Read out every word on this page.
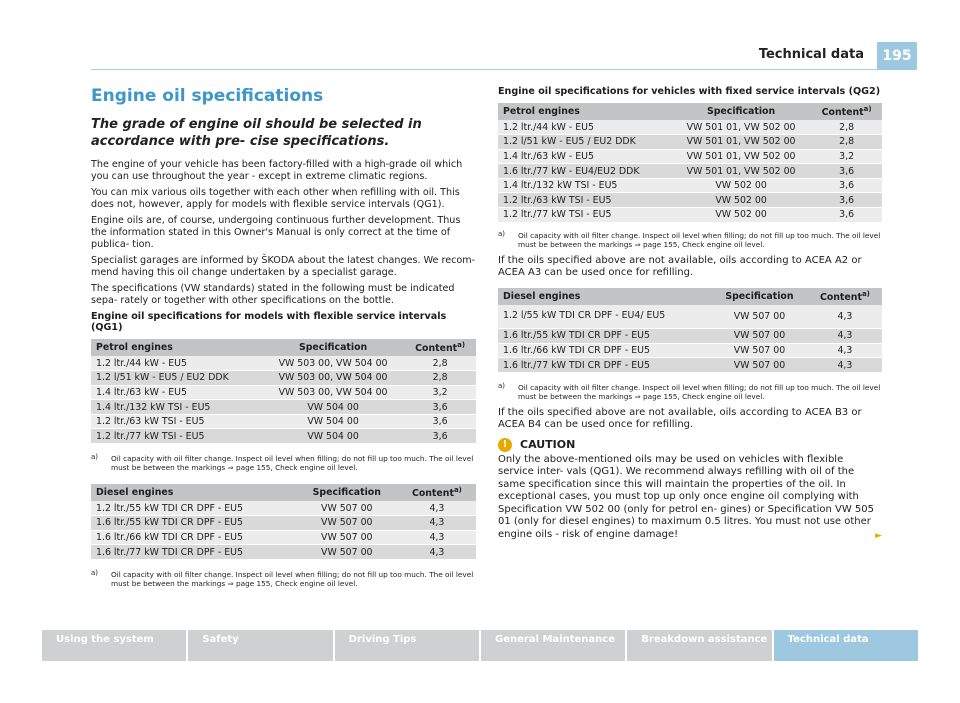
Technical data	195
Engine oil specifications
The grade of engine oil should be selected in accordance with pre- cise specifications.

The engine of your vehicle has been factory-filled with a high-grade oil which you can use throughout the year - except in extreme climatic regions.

You can mix various oils together with each other when refilling with oil. This does not, however, apply for models with flexible service intervals (QG1).

Engine oils are, of course, undergoing continuous further development. Thus the information stated in this Owner's Manual is only correct at the time of publica- tion.

Specialist garages are informed by ŠKODA about the latest changes. We recom- mend having this oil change undertaken by a specialist garage.

The specifications (VW standards) stated in the following must be indicated sepa- rately or together with other specifications on the bottle.

Engine oil specifications for models with flexible service intervals (QG1)
Petrol engines	Specification	Content$^{a)}$
1.2 ltr./44 kW - EU5	VW 503 00, VW 504 00	2,8
1.2 l/51 kW - EU5 / EU2 DDK	VW 503 00, VW 504 00	2,8
1.4 ltr./63 kW - EU5	VW 503 00, VW 504 00	3,2
1.4 ltr./132 kW TSI - EU5	VW 504 00	3,6
1.2 ltr./63 kW TSI - EU5	VW 504 00	3,6
1.2 ltr./77 kW TSI - EU5	VW 504 00	3,6
a) Oil capacity with oil filter change. Inspect oil level when filling; do not fill up too much. The oil level must be between the markings ⇒ page 155, Check engine oil level.
Diesel engines	Specification	Content$^{a)}$
1.2 ltr./55 kW TDI CR DPF - EU5	VW 507 00	4,3
1.6 ltr./55 kW TDI CR DPF - EU5	VW 507 00	4,3
1.6 ltr./66 kW TDI CR DPF - EU5	VW 507 00	4,3
1.6 ltr./77 kW TDI CR DPF - EU5	VW 507 00	4,3
a) Oil capacity with oil filter change. Inspect oil level when filling; do not fill up too much. The oil level must be between the markings ⇒ page 155, Check engine oil level.
Engine oil specifications for vehicles with fixed service intervals (QG2)
Petrol engines	Specification	Content$^{a)}$
1.2 ltr./44 kW - EU5	VW 501 01, VW 502 00	2,8
1.2 l/51 kW - EU5 / EU2 DDK	VW 501 01, VW 502 00	2,8
1.4 ltr./63 kW - EU5	VW 501 01, VW 502 00	3,2
1.6 ltr./77 kW - EU4/EU2 DDK	VW 501 01, VW 502 00	3,6
1.4 ltr./132 kW TSI - EU5	VW 502 00	3,6
1.2 ltr./63 kW TSI - EU5	VW 502 00	3,6
1.2 ltr./77 kW TSI - EU5	VW 502 00	3,6
a) Oil capacity with oil filter change. Inspect oil level when filling; do not fill up too much. The oil level must be between the markings ⇒ page 155, Check engine oil level.

If the oils specified above are not available, oils according to ACEA A2 or ACEA A3 can be used once for refilling.

Diesel engines	Specification	Content$^{a)}$
1.2 l/55 kW TDI CR DPF - EU4/ EU5	VW 507 00	4,3
1.6 ltr./55 kW TDI CR DPF - EU5	VW 507 00	4,3
1.6 ltr./66 kW TDI CR DPF - EU5	VW 507 00	4,3
1.6 ltr./77 kW TDI CR DPF - EU5	VW 507 00	4,3
a) Oil capacity with oil filter change. Inspect oil level when filling; do not fill up too much. The oil level must be between the markings ⇒ page 155, Check engine oil level.

If the oils specified above are not available, oils according to ACEA B3 or ACEA B4 can be used once for refilling.

!	CAUTION

Only the above-mentioned oils may be used on vehicles with flexible service inter- vals (QG1). We recommend always refilling with oil of the same specification since this will maintain the properties of the oil. In exceptional cases, you must top up only once engine oil complying with Specification VW 502 00 (only for petrol en- gines) or Specification VW 505 01 (only for diesel engines) to maximum 0.5 litres. You must not use other engine oils - risk of engine damage!	►
Using the system	Safety	Driving Tips	General Maintenance	Breakdown assistance	Technical data
